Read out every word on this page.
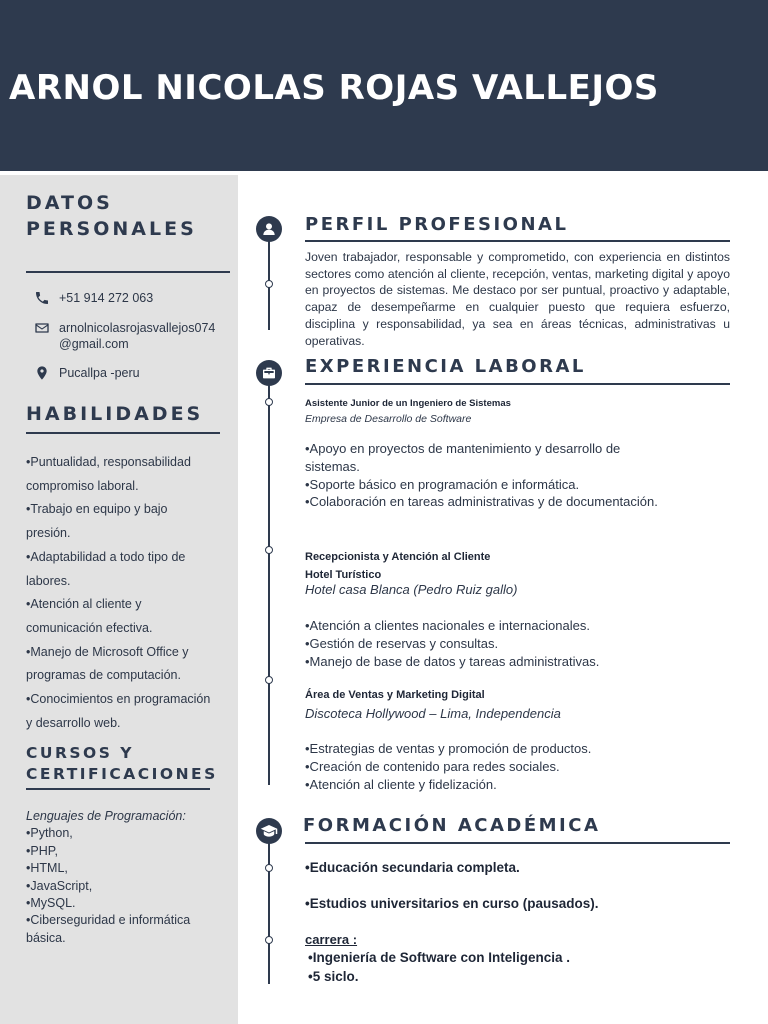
ARNOL NICOLAS ROJAS VALLEJOS
DATOS
PERSONALES
+51 914 272 063
arnolnicolasrojasvallejos074
@gmail.com
Pucallpa -peru
HABILIDADES
•Puntualidad, responsabilidad
compromiso laboral.
•Trabajo en equipo y bajo
presión.
•Adaptabilidad a todo tipo de
labores.
•Atención al cliente y
comunicación efectiva.
•Manejo de Microsoft Office y
programas de computación.
•Conocimientos en programación
y desarrollo web.
CURSOS Y
CERTIFICACIONES
Lenguajes de Programación:
•Python,
•PHP,
•HTML,
•JavaScript,
•MySQL.
•Ciberseguridad e informática
básica.
PERFIL PROFESIONAL
Joven trabajador, responsable y comprometido, con experiencia en distintos sectores como atención al cliente, recepción, ventas, marketing digital y apoyo en proyectos de sistemas. Me destaco por ser puntual, proactivo y adaptable, capaz de desempeñarme en cualquier puesto que requiera esfuerzo, disciplina y responsabilidad, ya sea en áreas técnicas, administrativas u operativas.
EXPERIENCIA LABORAL
Asistente Junior de un Ingeniero de Sistemas
Empresa de Desarrollo de Software
•Apoyo en proyectos de mantenimiento y desarrollo de
sistemas.
•Soporte básico en programación e informática.
•Colaboración en tareas administrativas y de documentación.
Recepcionista y Atención al Cliente
Hotel Turístico
Hotel casa Blanca (Pedro Ruiz gallo)
•Atención a clientes nacionales e internacionales.
•Gestión de reservas y consultas.
•Manejo de base de datos y tareas administrativas.
Área de Ventas y Marketing Digital
Discoteca Hollywood – Lima, Independencia
•Estrategias de ventas y promoción de productos.
•Creación de contenido para redes sociales.
•Atención al cliente y fidelización.
FORMACIÓN ACADÉMICA
•Educación secundaria completa.
•Estudios universitarios en curso (pausados).
carrera :
•Ingeniería de Software con Inteligencia .
•5 siclo.
